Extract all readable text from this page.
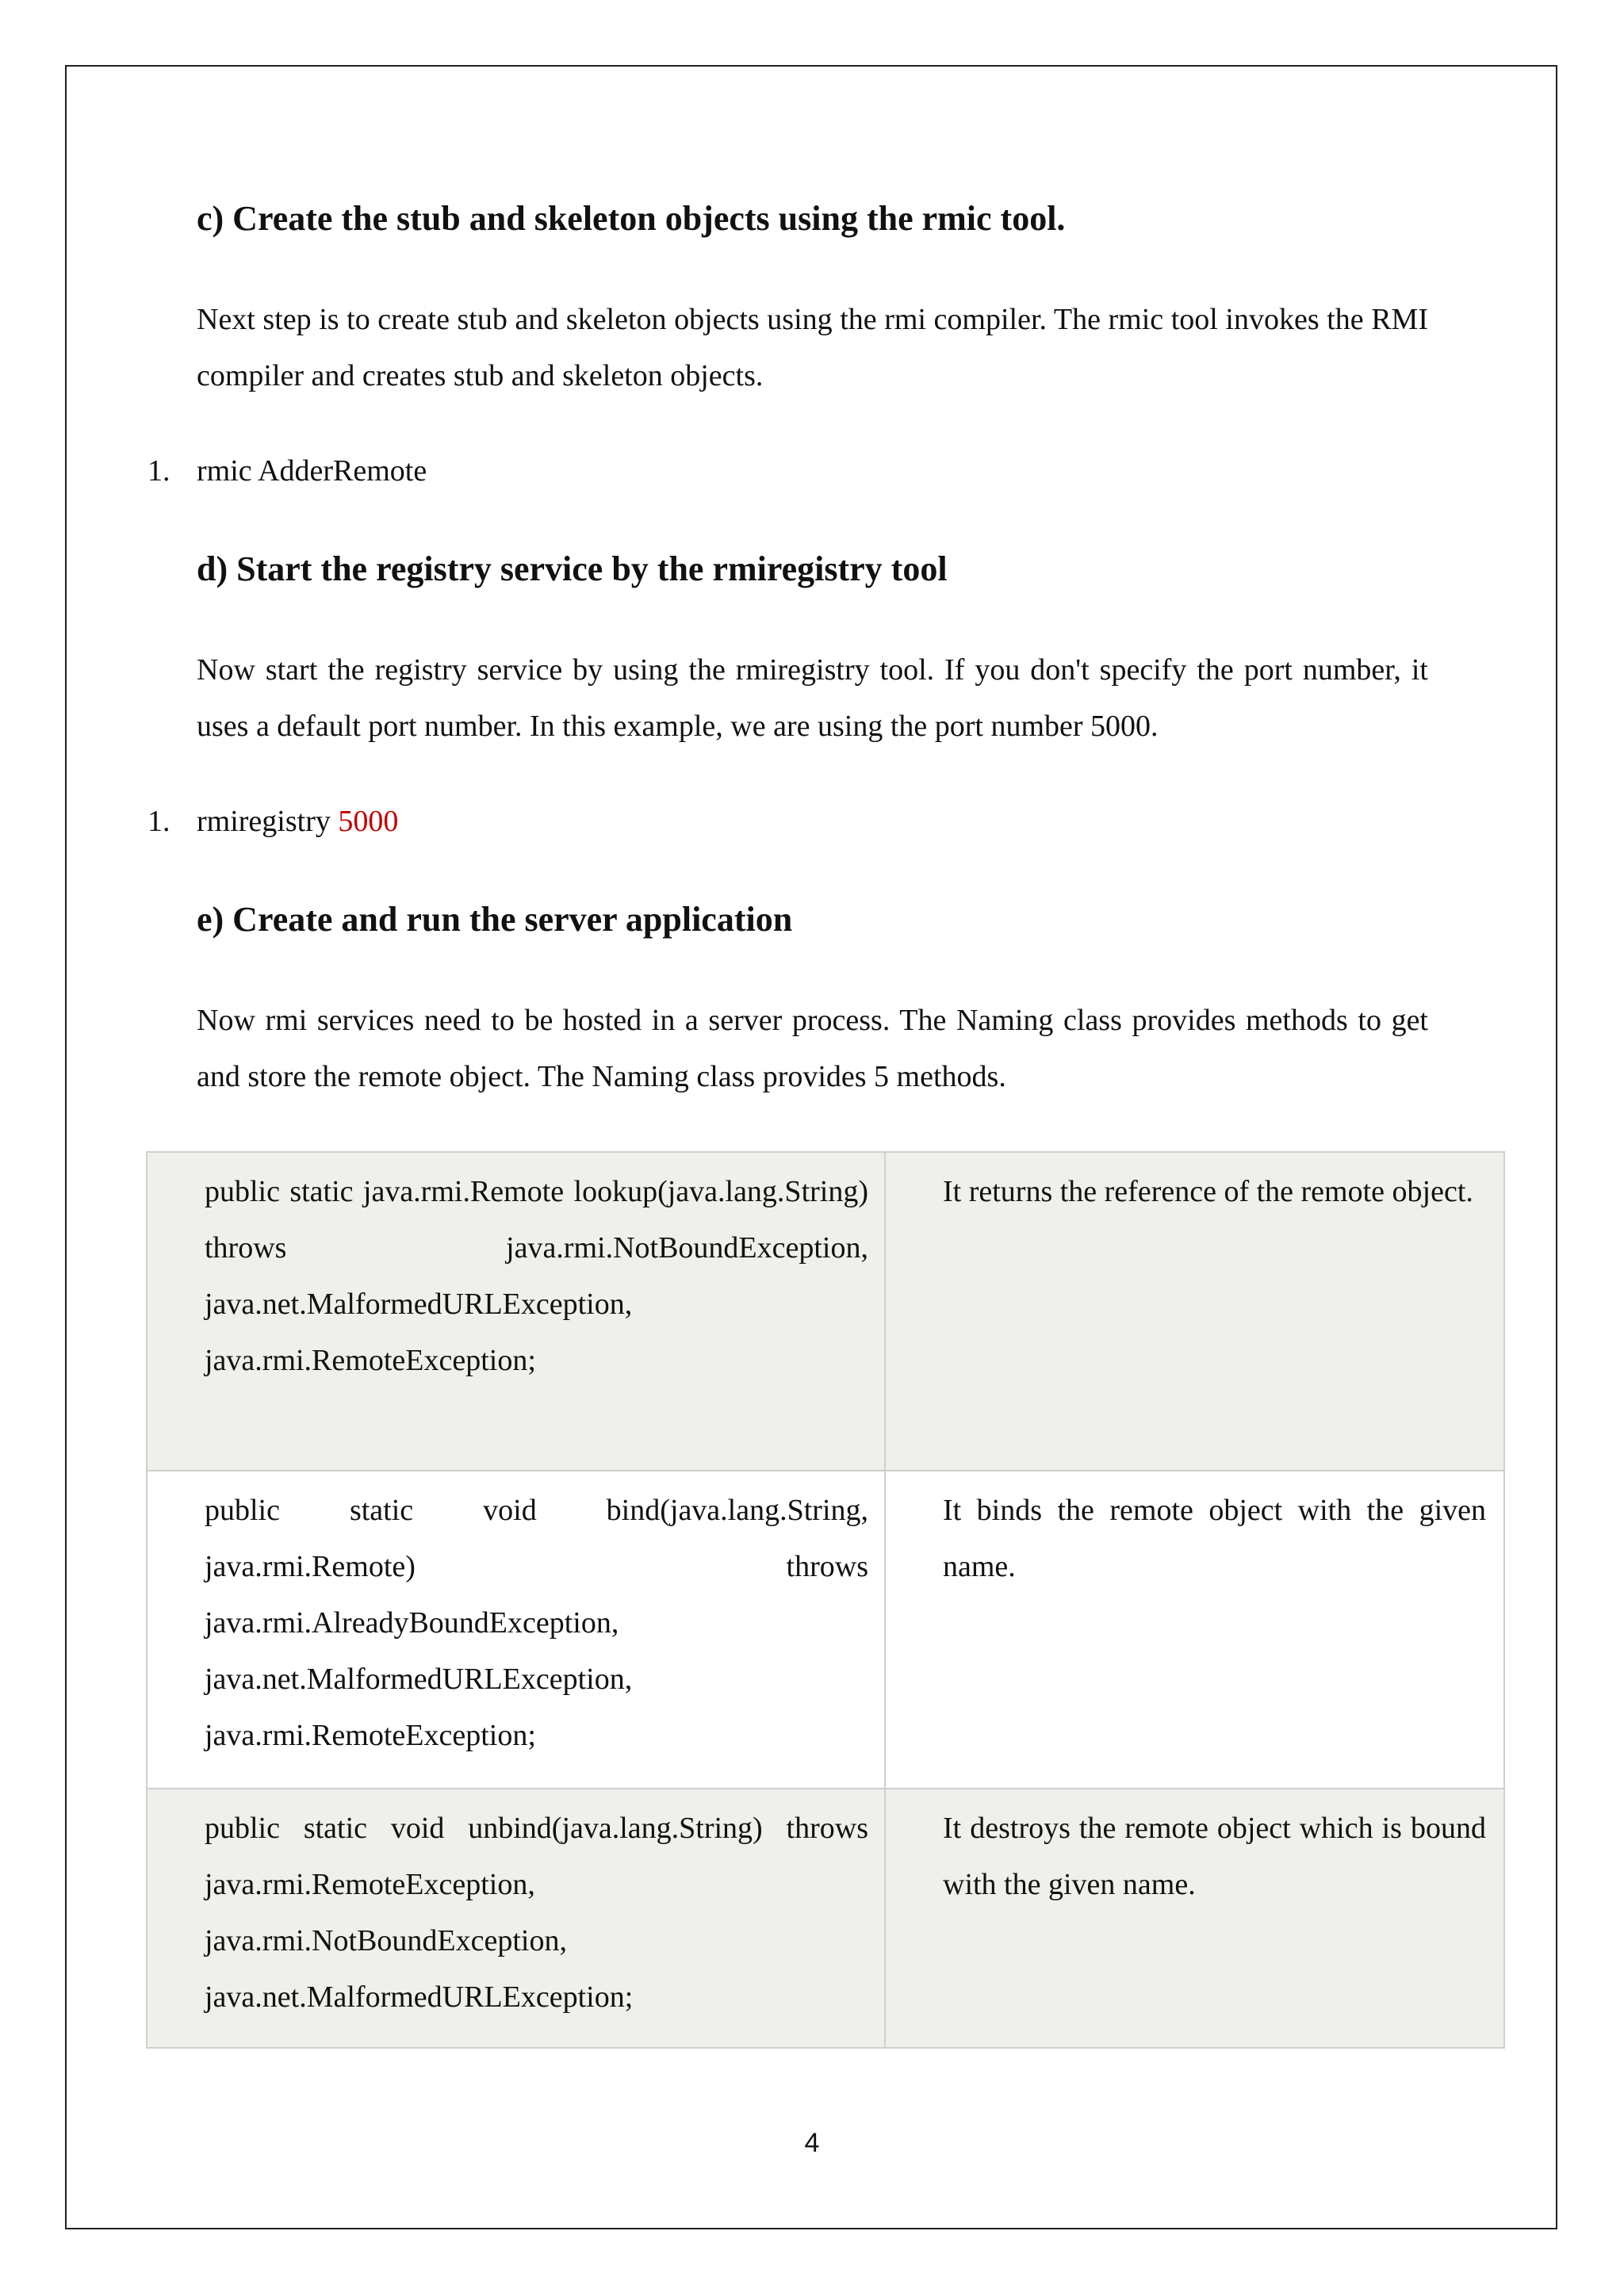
c) Create the stub and skeleton objects using the rmic tool.

Next step is to create stub and skeleton objects using the rmi compiler. The rmic tool invokes the RMI compiler and creates stub and skeleton objects.

1. rmic AdderRemote

d) Start the registry service by the rmiregistry tool

Now start the registry service by using the rmiregistry tool. If you don't specify the port number, it uses a default port number. In this example, we are using the port number 5000.

1. rmiregistry 5000

e) Create and run the server application

Now rmi services need to be hosted in a server process. The Naming class provides methods to get and store the remote object. The Naming class provides 5 methods.

public static java.rmi.Remote lookup(java.lang.String) throws java.rmi.NotBoundException, java.net.MalformedURLException, java.rmi.RemoteException;	It returns the reference of the remote object.
public static void bind(java.lang.String, java.rmi.Remote) throws java.rmi.AlreadyBoundException, java.net.MalformedURLException, java.rmi.RemoteException;	It binds the remote object with the given name.
public static void unbind(java.lang.String) throws java.rmi.RemoteException, java.rmi.NotBoundException, java.net.MalformedURLException;	It destroys the remote object which is bound with the given name.
4
